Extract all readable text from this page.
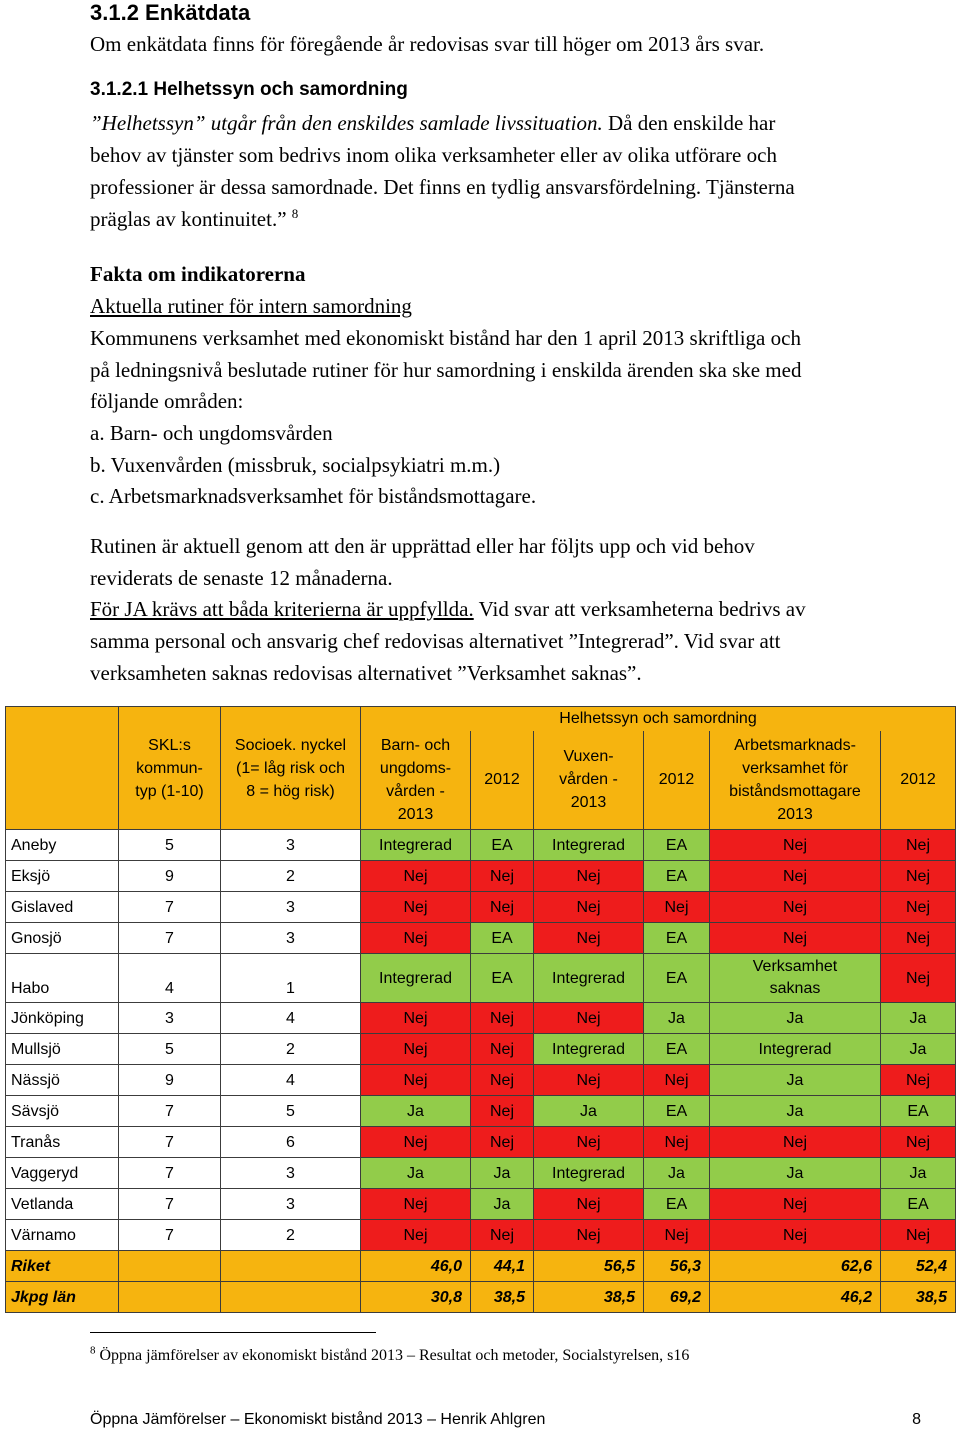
3.1.2 Enkätdata
Om enkätdata finns för föregående år redovisas svar till höger om 2013 års svar.
3.1.2.1 Helhetssyn och samordning
”Helhetssyn” utgår från den enskildes samlade livssituation. Då den enskilde har
behov av tjänster som bedrivs inom olika verksamheter eller av olika utförare och
professioner är dessa samordnade. Det finns en tydlig ansvarsfördelning. Tjänsterna
präglas av kontinuitet.” $^8$
Fakta om indikatorerna
Aktuella rutiner för intern samordning
Kommunens verksamhet med ekonomiskt bistånd har den 1 april 2013 skriftliga och
på ledningsnivå beslutade rutiner för hur samordning i enskilda ärenden ska ske med
följande områden:
a. Barn- och ungdomsvården
b. Vuxenvården (missbruk, socialpsykiatri m.m.)
c. Arbetsmarknadsverksamhet för biståndsmottagare.
Rutinen är aktuell genom att den är upprättad eller har följts upp och vid behov
reviderats de senaste 12 månaderna.
För JA krävs att båda kriterierna är uppfyllda. Vid svar att verksamheterna bedrivs av
samma personal och ansvarig chef redovisas alternativet ”Integrerad”. Vid svar att
verksamheten saknas redovisas alternativet ”Verksamhet saknas”.
	SKL:s kommun-typ (1-10)	Socioek. nyckel (1= låg risk och 8 = hög risk)	Helhetssyn och samordning					
			Barn- och ungdoms-vården - 2013	2012	Vuxen-vården - 2013	2012	Arbetsmarknads-verksamhet för biståndsmottagare 2013	2012
Aneby	5	3	Integrerad	EA	Integrerad	EA	Nej	Nej
Eksjö	9	2	Nej	Nej	Nej	EA	Nej	Nej
Gislaved	7	3	Nej	Nej	Nej	Nej	Nej	Nej
Gnosjö	7	3	Nej	EA	Nej	EA	Nej	Nej
Habo	4	1	Integrerad	EA	Integrerad	EA	Verksamhet saknas	Nej
Jönköping	3	4	Nej	Nej	Nej	Ja	Ja	Ja
Mullsjö	5	2	Nej	Nej	Integrerad	EA	Integrerad	Ja
Nässjö	9	4	Nej	Nej	Nej	Nej	Ja	Nej
Sävsjö	7	5	Ja	Nej	Ja	EA	Ja	EA
Tranås	7	6	Nej	Nej	Nej	Nej	Nej	Nej
Vaggeryd	7	3	Ja	Ja	Integrerad	Ja	Ja	Ja
Vetlanda	7	3	Nej	Ja	Nej	EA	Nej	EA
Värnamo	7	2	Nej	Nej	Nej	Nej	Nej	Nej
Riket			46,0	44,1	56,5	56,3	62,6	52,4
Jkpg län			30,8	38,5	38,5	69,2	46,2	38,5
$^8$ Öppna jämförelser av ekonomiskt bistånd 2013 – Resultat och metoder, Socialstyrelsen, s16
Öppna Jämförelser – Ekonomiskt bistånd 2013 – Henrik Ahlgren	8
